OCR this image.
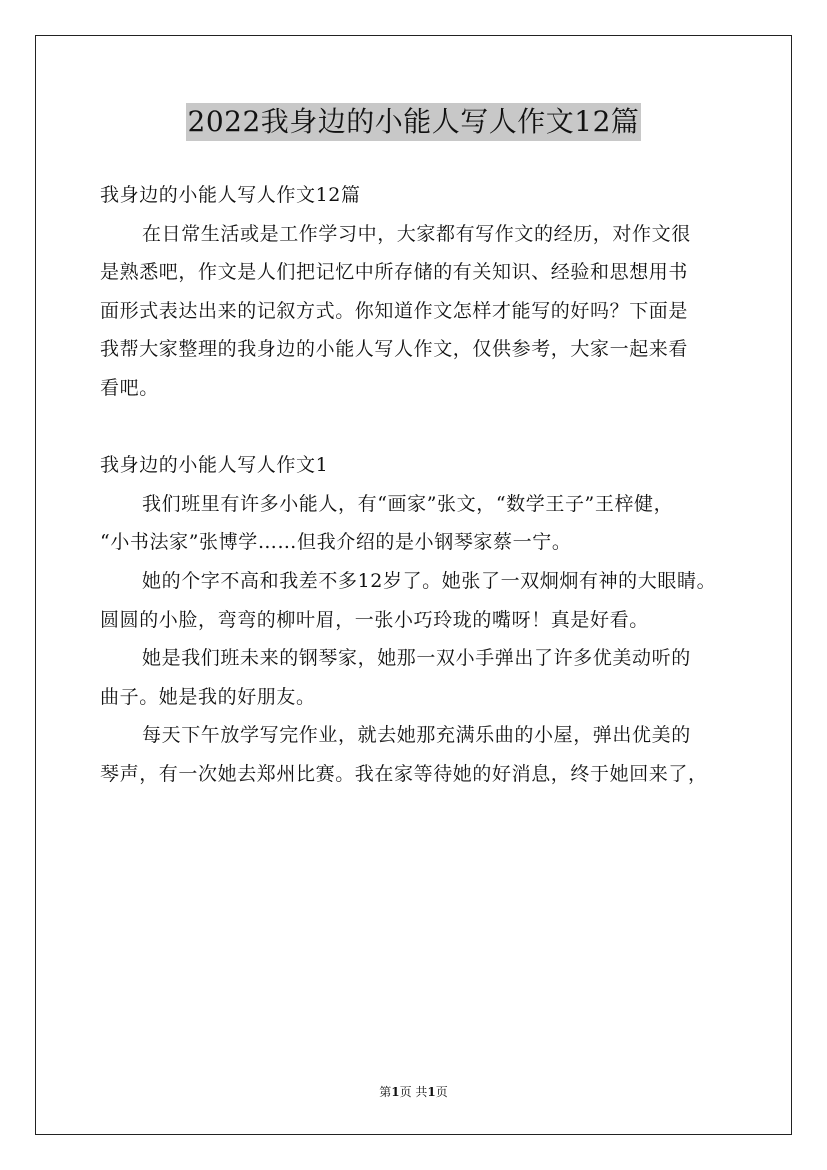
2022我身边的小能人写人作文12篇
我身边的小能人写人作文12篇
在日常生活或是工作学习中，大家都有写作文的经历，对作文很
是熟悉吧，作文是人们把记忆中所存储的有关知识、经验和思想用书
面形式表达出来的记叙方式。你知道作文怎样才能写的好吗？下面是
我帮大家整理的我身边的小能人写人作文，仅供参考，大家一起来看
看吧。
我身边的小能人写人作文1
我们班里有许多小能人，有“画家”张文，“数学王子”王梓健，
“小书法家”张博学……但我介绍的是小钢琴家蔡一宁。
她的个字不高和我差不多12岁了。她张了一双炯炯有神的大眼睛。
圆圆的小脸，弯弯的柳叶眉，一张小巧玲珑的嘴呀！真是好看。
她是我们班未来的钢琴家，她那一双小手弹出了许多优美动听的
曲子。她是我的好朋友。
每天下午放学写完作业，就去她那充满乐曲的小屋，弹出优美的
琴声，有一次她去郑州比赛。我在家等待她的好消息，终于她回来了，
第1页 共1页
